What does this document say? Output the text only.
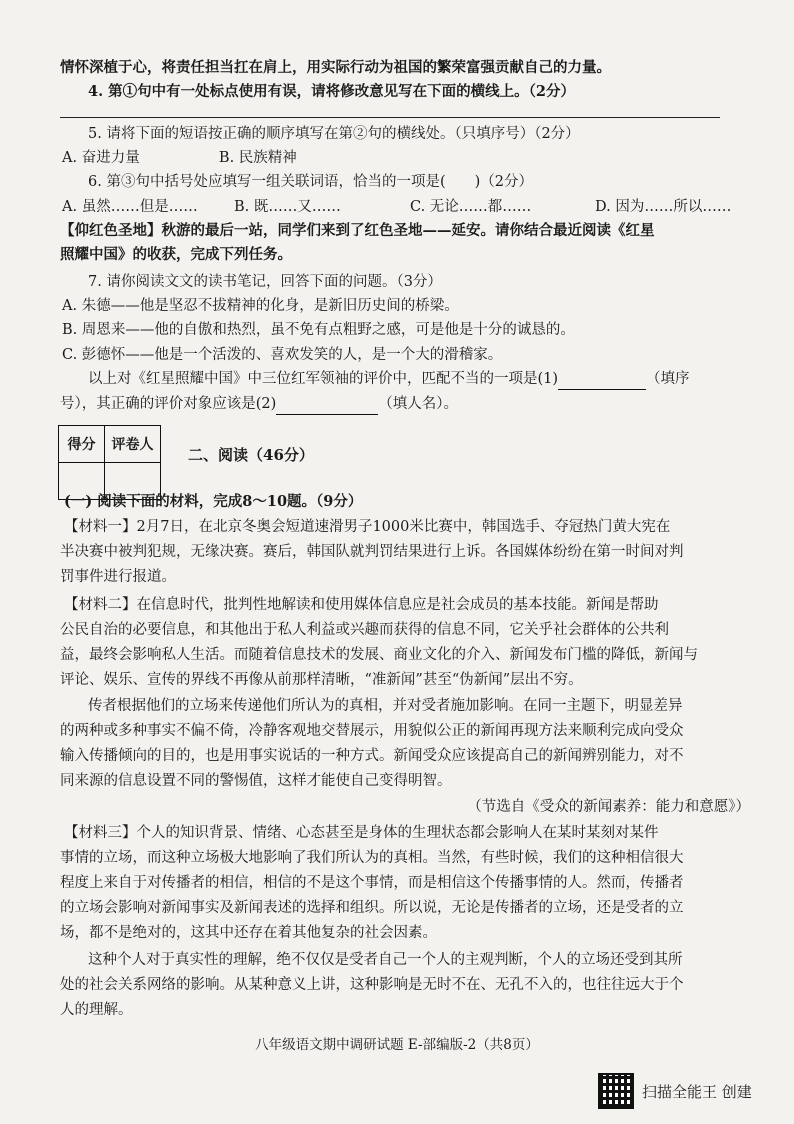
情怀深植于心，将责任担当扛在肩上，用实际行动为祖国的繁荣富强贡献自己的力量。
4. 第①句中有一处标点使用有误，请将修改意见写在下面的横线上。（2分）
5. 请将下面的短语按正确的顺序填写在第②句的横线处。（只填序号）（2分）
A. 奋进力量	B. 民族精神
6. 第③句中括号处应填写一组关联词语，恰当的一项是(　　)（2分）
A. 虽然……但是……	B. 既……又……	C. 无论……都……	D. 因为……所以……
【仰红色圣地】秋游的最后一站，同学们来到了红色圣地——延安。请你结合最近阅读《红星
照耀中国》的收获，完成下列任务。
7. 请你阅读文文的读书笔记，回答下面的问题。（3分）
A. 朱德——他是坚忍不拔精神的化身，是新旧历史间的桥梁。
B. 周恩来——他的自傲和热烈，虽不免有点粗野之感，可是他是十分的诚恳的。
C. 彭德怀——他是一个活泼的、喜欢发笑的人，是一个大的滑稽家。
以上对《红星照耀中国》中三位红军领袖的评价中，匹配不当的一项是(1)	（填序
号），其正确的评价对象应该是(2)	（填人名）。
得分	评卷人

二、阅读（46分）
(一) 阅读下面的材料，完成8～10题。（9分）
【材料一】2月7日，在北京冬奥会短道速滑男子1000米比赛中，韩国选手、夺冠热门黄大宪在
半决赛中被判犯规，无缘决赛。赛后，韩国队就判罚结果进行上诉。各国媒体纷纷在第一时间对判
罚事件进行报道。
【材料二】在信息时代，批判性地解读和使用媒体信息应是社会成员的基本技能。新闻是帮助
公民自治的必要信息，和其他出于私人利益或兴趣而获得的信息不同，它关乎社会群体的公共利
益，最终会影响私人生活。而随着信息技术的发展、商业文化的介入、新闻发布门槛的降低，新闻与
评论、娱乐、宣传的界线不再像从前那样清晰，“准新闻”甚至“伪新闻”层出不穷。
传者根据他们的立场来传递他们所认为的真相，并对受者施加影响。在同一主题下，明显差异
的两种或多种事实不偏不倚，冷静客观地交替展示，用貌似公正的新闻再现方法来顺利完成向受众
输入传播倾向的目的，也是用事实说话的一种方式。新闻受众应该提高自己的新闻辨别能力，对不
同来源的信息设置不同的警惕值，这样才能使自己变得明智。
（节选自《受众的新闻素养：能力和意愿》）
【材料三】个人的知识背景、情绪、心态甚至是身体的生理状态都会影响人在某时某刻对某件
事情的立场，而这种立场极大地影响了我们所认为的真相。当然，有些时候，我们的这种相信很大
程度上来自于对传播者的相信，相信的不是这个事情，而是相信这个传播事情的人。然而，传播者
的立场会影响对新闻事实及新闻表述的选择和组织。所以说，无论是传播者的立场，还是受者的立
场，都不是绝对的，这其中还存在着其他复杂的社会因素。
这种个人对于真实性的理解，绝不仅仅是受者自己一个人的主观判断，个人的立场还受到其所
处的社会关系网络的影响。从某种意义上讲，这种影响是无时不在、无孔不入的，也往往远大于个
人的理解。
八年级语文期中调研试题 E-部编版-2（共8页）
扫描全能王 创建
